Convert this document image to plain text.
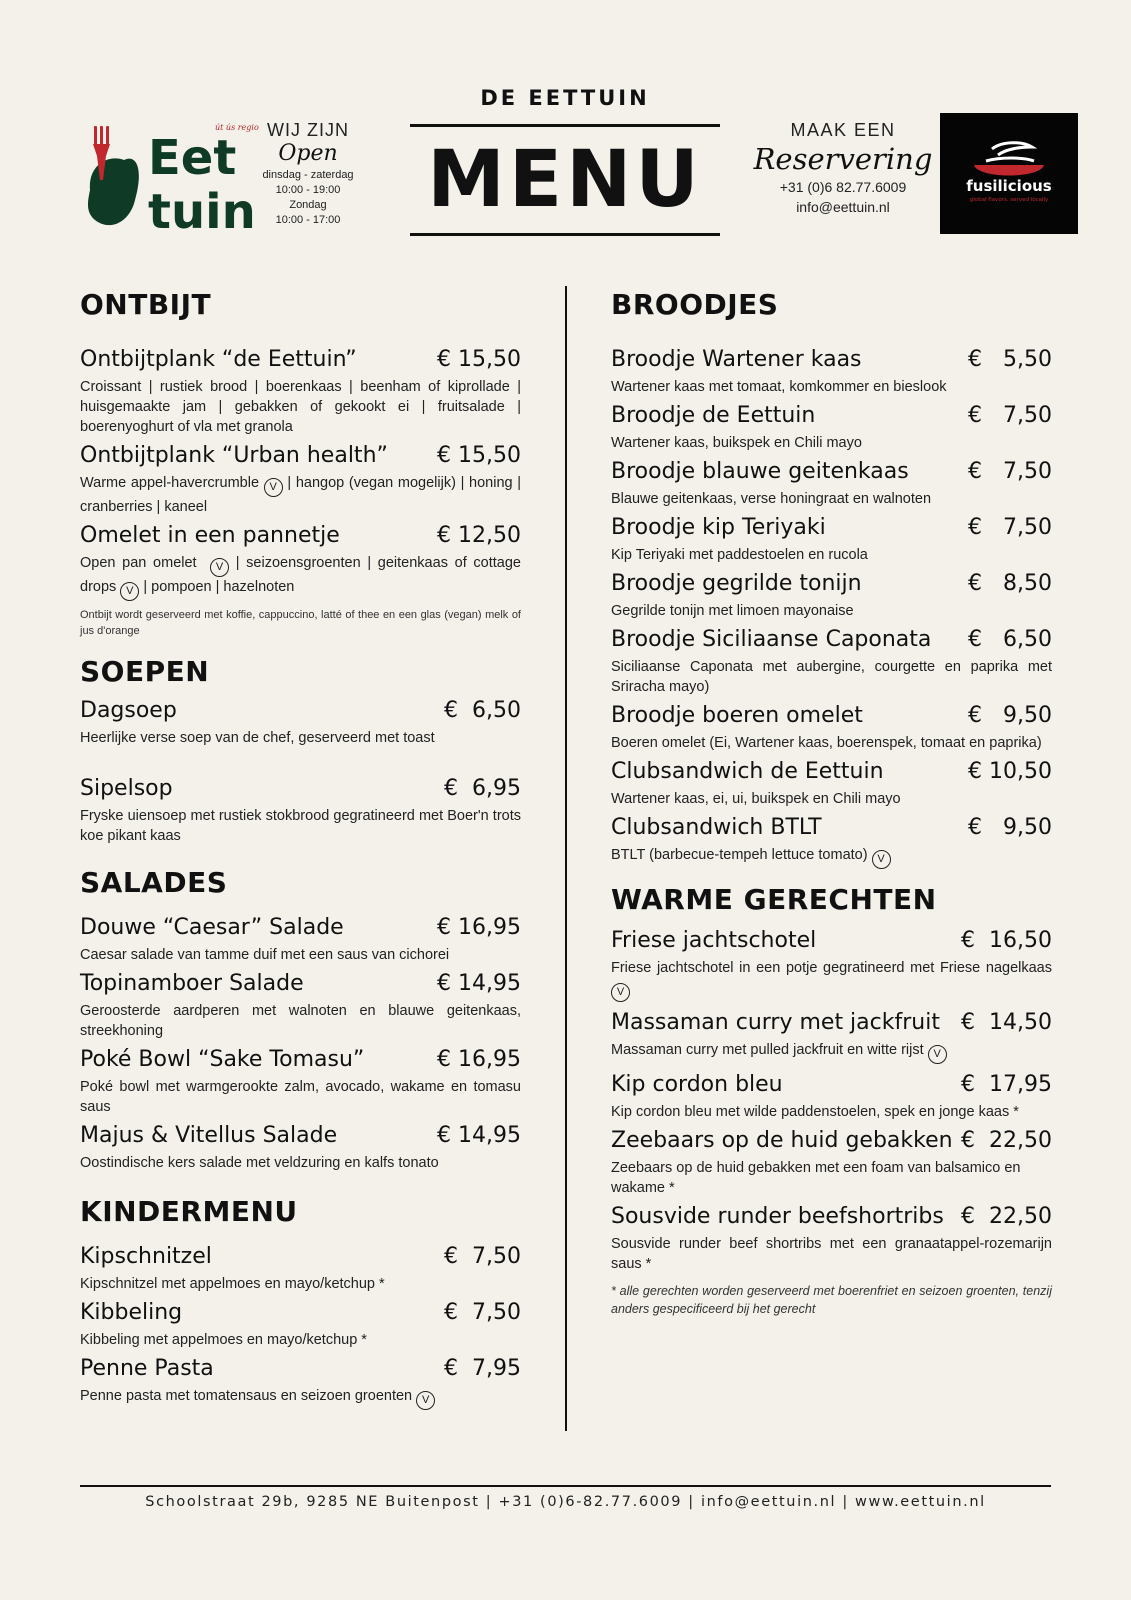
Eet
tuin
út ús regio WIJ ZIJN
Open
dinsdag - zaterdag
10:00 - 19:00
Zondag
10:00 - 17:00
DE EETTUIN
MENU
MAAK EEN
Reservering
+31 (0)6 82.77.6009
info@eettuin.nl
fusilicious
global flavors. served locally
ONTBIJT
Ontbijtplank “de Eettuin”	€ 15,50
Croissant | rustiek brood | boerenkaas | beenham of kiprollade | huisgemaakte jam | gebakken of gekookt ei | fruitsalade | boerenyoghurt of vla met granola
Ontbijtplank “Urban health” € 15,50
Warme appel-havercrumble V | hangop (vegan mogelijk) | honing | cranberries | kaneel
Omelet in een pannetje	€ 12,50
Open pan omelet V | seizoensgroenten | geitenkaas of cottage drops V | pompoen | hazelnoten
Ontbijt wordt geserveerd met koffie, cappuccino, latté of thee en een glas (vegan) melk of jus d'orange
SOEPEN
Dagsoep	€  6,50
Heerlijke verse soep van de chef, geserveerd met toast
Sipelsop	€  6,95
Fryske uiensoep met rustiek stokbrood gegratineerd met Boer'n trots koe pikant kaas
SALADES
Douwe “Caesar” Salade	€ 16,95
Caesar salade van tamme duif met een saus van cichorei
Topinamboer Salade	€ 14,95
Geroosterde aardperen met walnoten en blauwe geitenkaas, streekhoning
Poké Bowl “Sake Tomasu”	€ 16,95
Poké bowl met warmgerookte zalm, avocado, wakame en tomasu saus
Majus & Vitellus Salade	€ 14,95
Oostindische kers salade met veldzuring en kalfs tonato
KINDERMENU
Kipschnitzel	€  7,50
Kipschnitzel met appelmoes en mayo/ketchup *
Kibbeling	€  7,50
Kibbeling met appelmoes en mayo/ketchup *
Penne Pasta	€  7,95
Penne pasta met tomatensaus en seizoen groenten V
BROODJES
Broodje Wartener kaas	€   5,50
Wartener kaas met tomaat, komkommer en bieslook
Broodje de Eettuin	€   7,50
Wartener kaas, buikspek en Chili mayo
Broodje blauwe geitenkaas	€   7,50
Blauwe geitenkaas, verse honingraat en walnoten
Broodje kip Teriyaki	€   7,50
Kip Teriyaki met paddestoelen en rucola
Broodje gegrilde tonijn	€   8,50
Gegrilde tonijn met limoen mayonaise
Broodje Siciliaanse Caponata €   6,50
Siciliaanse Caponata met aubergine, courgette en paprika met Sriracha mayo)
Broodje boeren omelet	€   9,50
Boeren omelet (Ei, Wartener kaas, boerenspek, tomaat en paprika)
Clubsandwich de Eettuin	€ 10,50
Wartener kaas, ei, ui, buikspek en Chili mayo
Clubsandwich BTLT	€   9,50
BTLT (barbecue-tempeh lettuce tomato) V
WARME GERECHTEN
Friese jachtschotel	€  16,50
Friese jachtschotel in een potje gegratineerd met Friese nagelkaas V
Massaman curry met jackfruit €  14,50
Massaman curry met pulled jackfruit en witte rijst V
Kip cordon bleu	€  17,95
Kip cordon bleu met wilde paddenstoelen, spek en jonge kaas *
Zeebaars op de huid gebakken €  22,50
Zeebaars op de huid gebakken met een foam van balsamico en wakame *
Sousvide runder beefshortribs €  22,50
Sousvide runder beef shortribs met een granaatappel-rozemarijn saus *
* alle gerechten worden geserveerd met boerenfriet en seizoen groenten, tenzij anders gespecificeerd bij het gerecht
Schoolstraat 29b, 9285 NE Buitenpost | +31 (0)6-82.77.6009 | info@eettuin.nl | www.eettuin.nl
